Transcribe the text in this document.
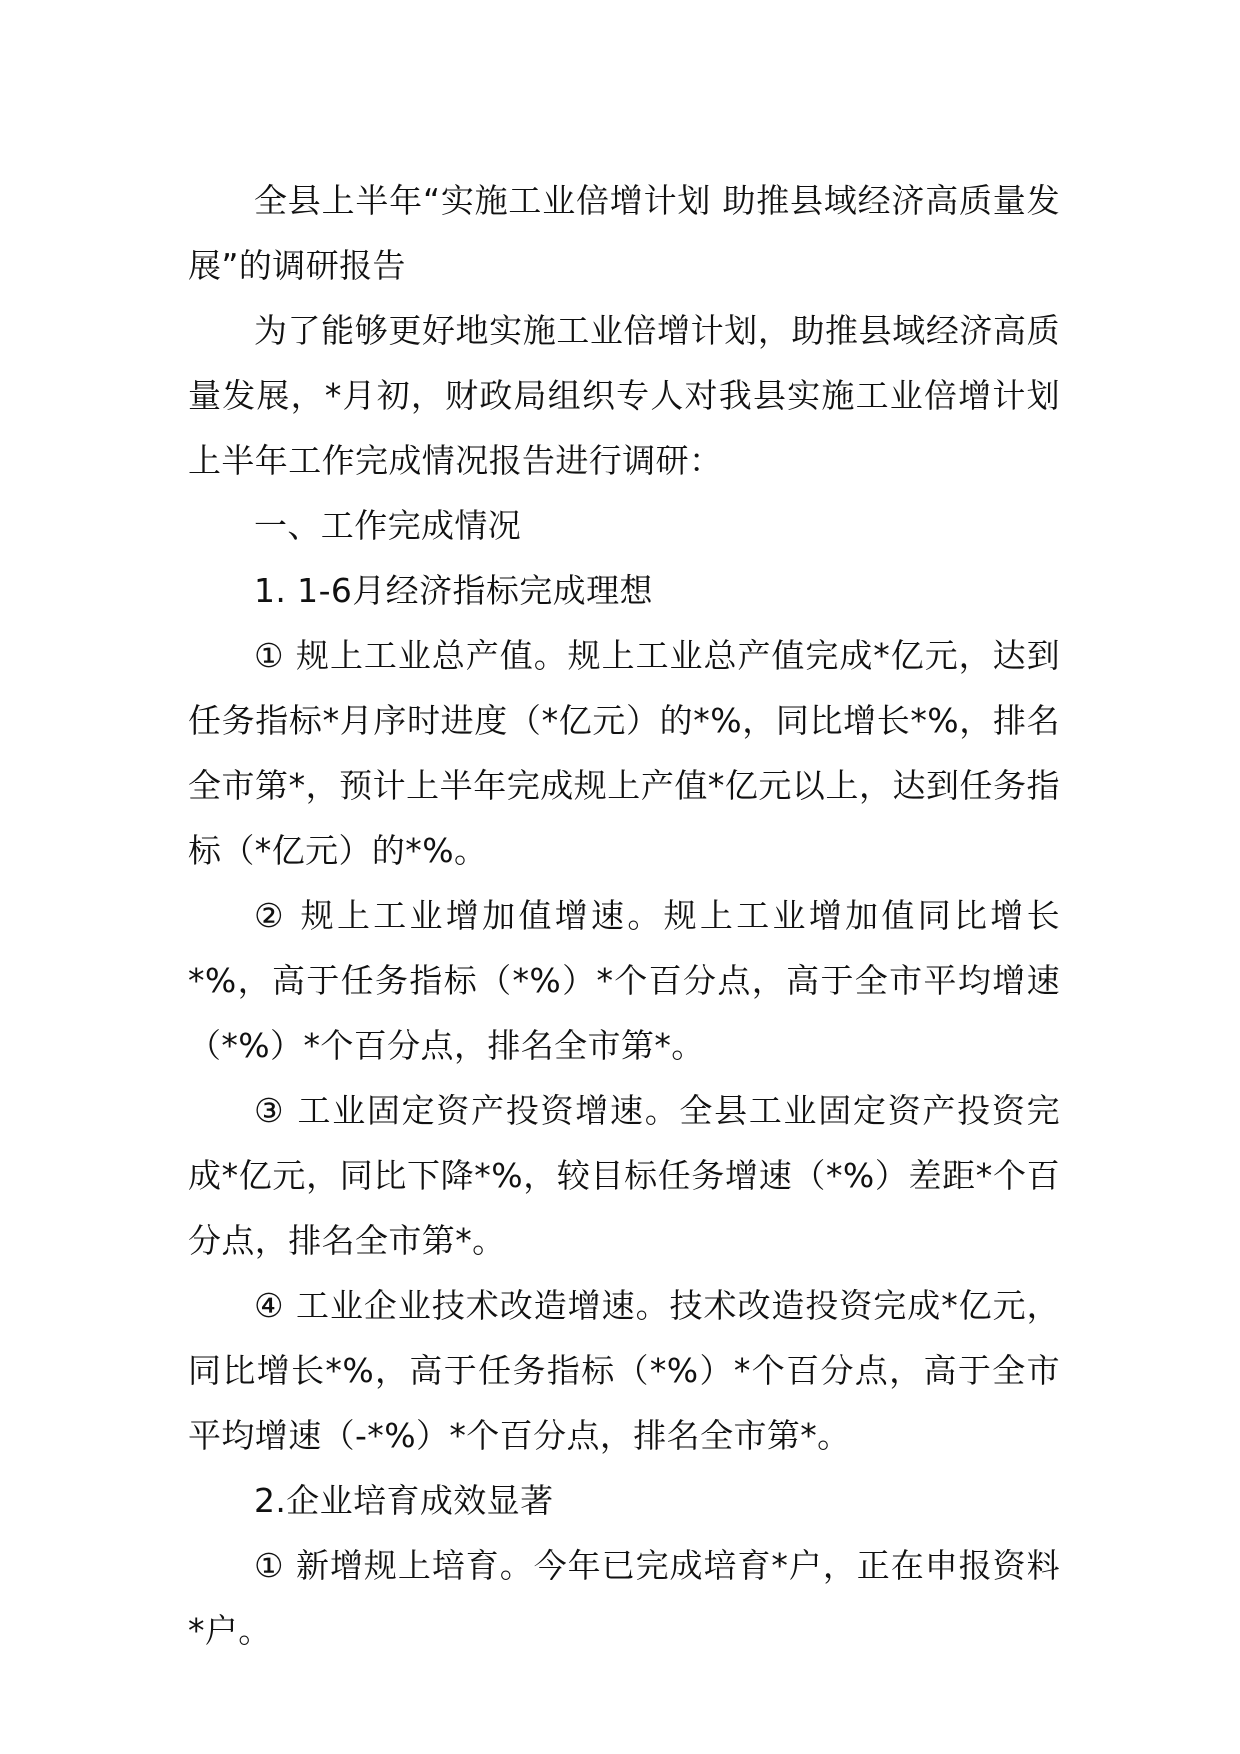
全县上半年“实施工业倍增计划 助推县域经济高质量发展”的调研报告

为了能够更好地实施工业倍增计划，助推县域经济高质量发展，*月初，财政局组织专人对我县实施工业倍增计划上半年工作完成情况报告进行调研：

一、工作完成情况

1. 1-6月经济指标完成理想

① 规上工业总产值。规上工业总产值完成*亿元，达到任务指标*月序时进度（*亿元）的*%，同比增长*%，排名全市第*，预计上半年完成规上产值*亿元以上，达到任务指标（*亿元）的*%。

② 规上工业增加值增速。规上工业增加值同比增长*%，高于任务指标（*%）*个百分点，高于全市平均增速（*%）*个百分点，排名全市第*。

③ 工业固定资产投资增速。全县工业固定资产投资完成*亿元，同比下降*%，较目标任务增速（*%）差距*个百分点，排名全市第*。

④ 工业企业技术改造增速。技术改造投资完成*亿元，同比增长*%，高于任务指标（*%）*个百分点，高于全市平均增速（-*%）*个百分点，排名全市第*。

2.企业培育成效显著

① 新增规上培育。今年已完成培育*户，正在申报资料*户。
